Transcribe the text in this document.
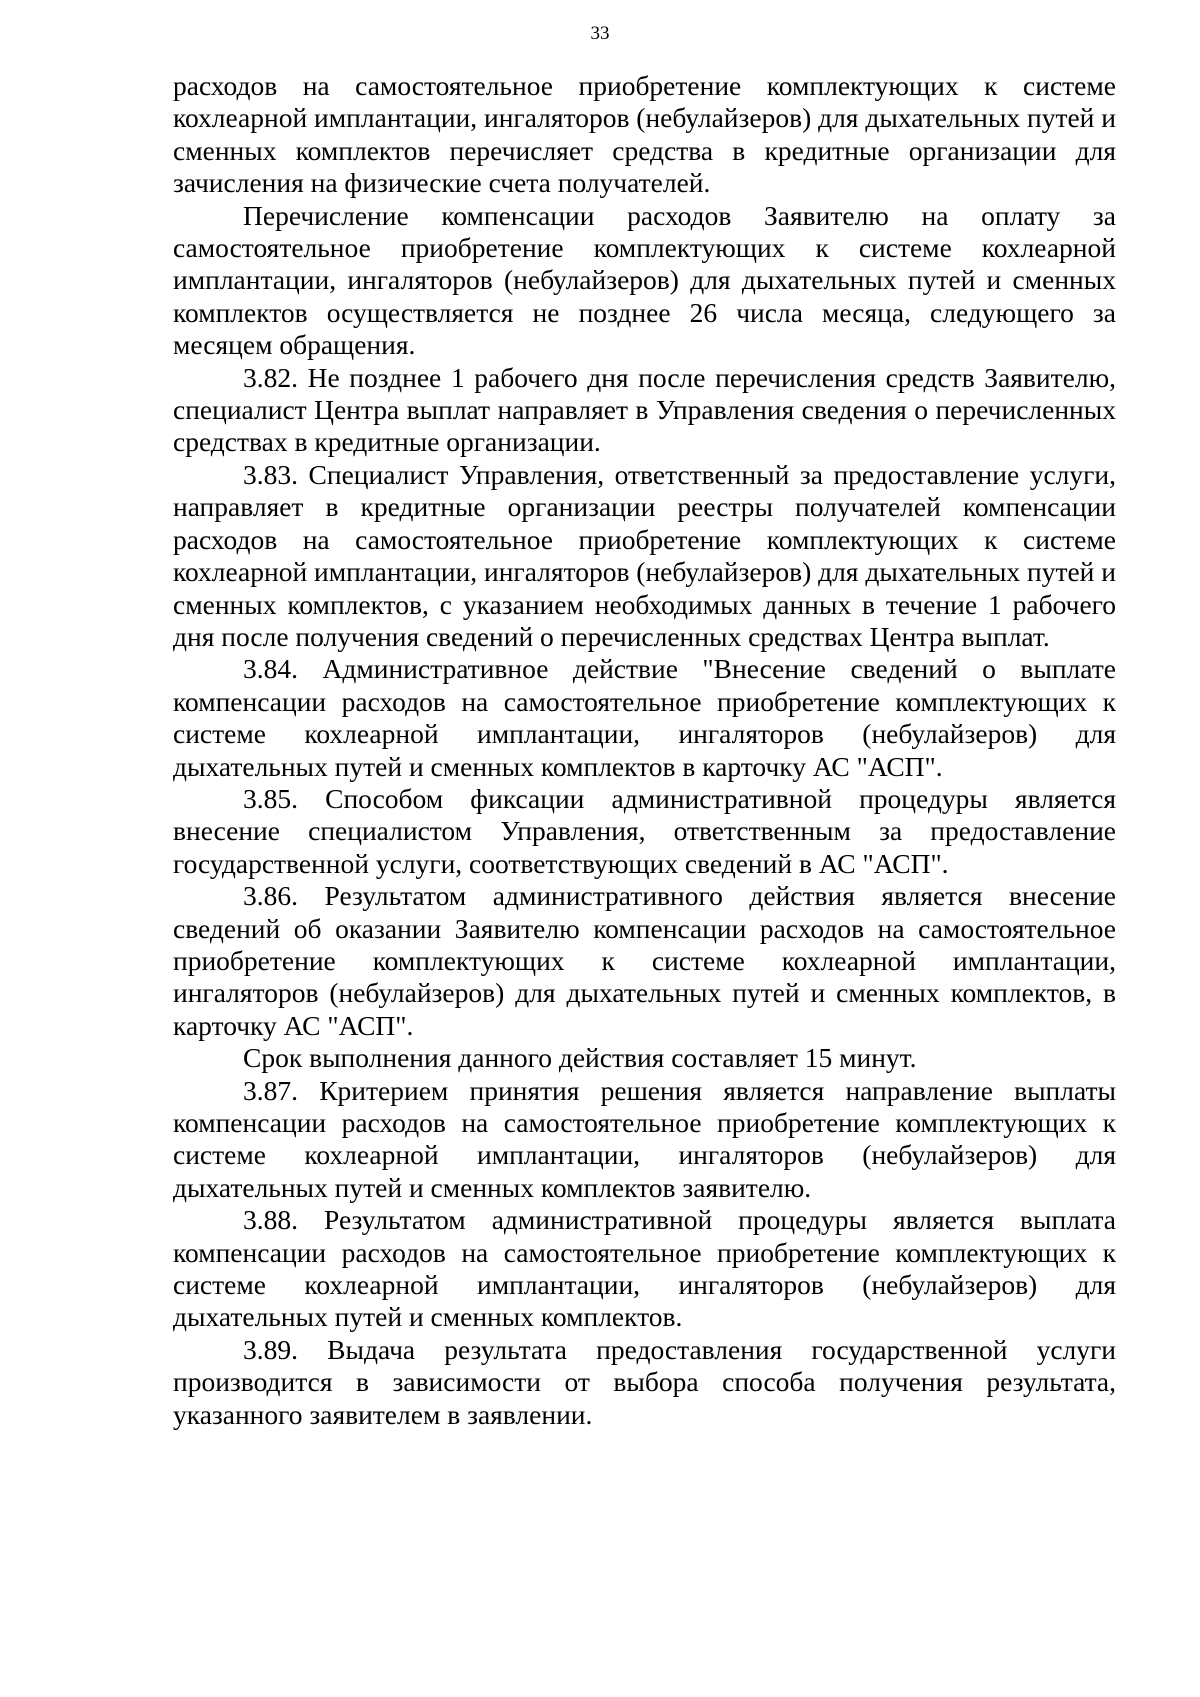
33

расходов на самостоятельное приобретение комплектующих к системе кохлеарной имплантации, ингаляторов (небулайзеров) для дыхательных путей и сменных комплектов перечисляет средства в кредитные организации для зачисления на физические счета получателей.

Перечисление компенсации расходов Заявителю на оплату за самостоятельное приобретение комплектующих к системе кохлеарной имплантации, ингаляторов (небулайзеров) для дыхательных путей и сменных комплектов осуществляется не позднее 26 числа месяца, следующего за месяцем обращения.

3.82. Не позднее 1 рабочего дня после перечисления средств Заявителю, специалист Центра выплат направляет в Управления сведения о перечисленных средствах в кредитные организации.

3.83. Специалист Управления, ответственный за предоставление услуги, направляет в кредитные организации реестры получателей компенсации расходов на самостоятельное приобретение комплектующих к системе кохлеарной имплантации, ингаляторов (небулайзеров) для дыхательных путей и сменных комплектов, с указанием необходимых данных в течение 1 рабочего дня после получения сведений о перечисленных средствах Центра выплат.

3.84. Административное действие "Внесение сведений о выплате компенсации расходов на самостоятельное приобретение комплектующих к системе кохлеарной имплантации, ингаляторов (небулайзеров) для дыхательных путей и сменных комплектов в карточку АС "АСП".

3.85. Способом фиксации административной процедуры является внесение специалистом Управления, ответственным за предоставление государственной услуги, соответствующих сведений в АС "АСП".

3.86. Результатом административного действия является внесение сведений об оказании Заявителю компенсации расходов на самостоятельное приобретение комплектующих к системе кохлеарной имплантации, ингаляторов (небулайзеров) для дыхательных путей и сменных комплектов, в карточку АС "АСП".

Срок выполнения данного действия составляет 15 минут.

3.87. Критерием принятия решения является направление выплаты компенсации расходов на самостоятельное приобретение комплектующих к системе кохлеарной имплантации, ингаляторов (небулайзеров) для дыхательных путей и сменных комплектов заявителю.

3.88. Результатом административной процедуры является выплата компенсации расходов на самостоятельное приобретение комплектующих к системе кохлеарной имплантации, ингаляторов (небулайзеров) для дыхательных путей и сменных комплектов.

3.89. Выдача результата предоставления государственной услуги производится в зависимости от выбора способа получения результата, указанного заявителем в заявлении.
